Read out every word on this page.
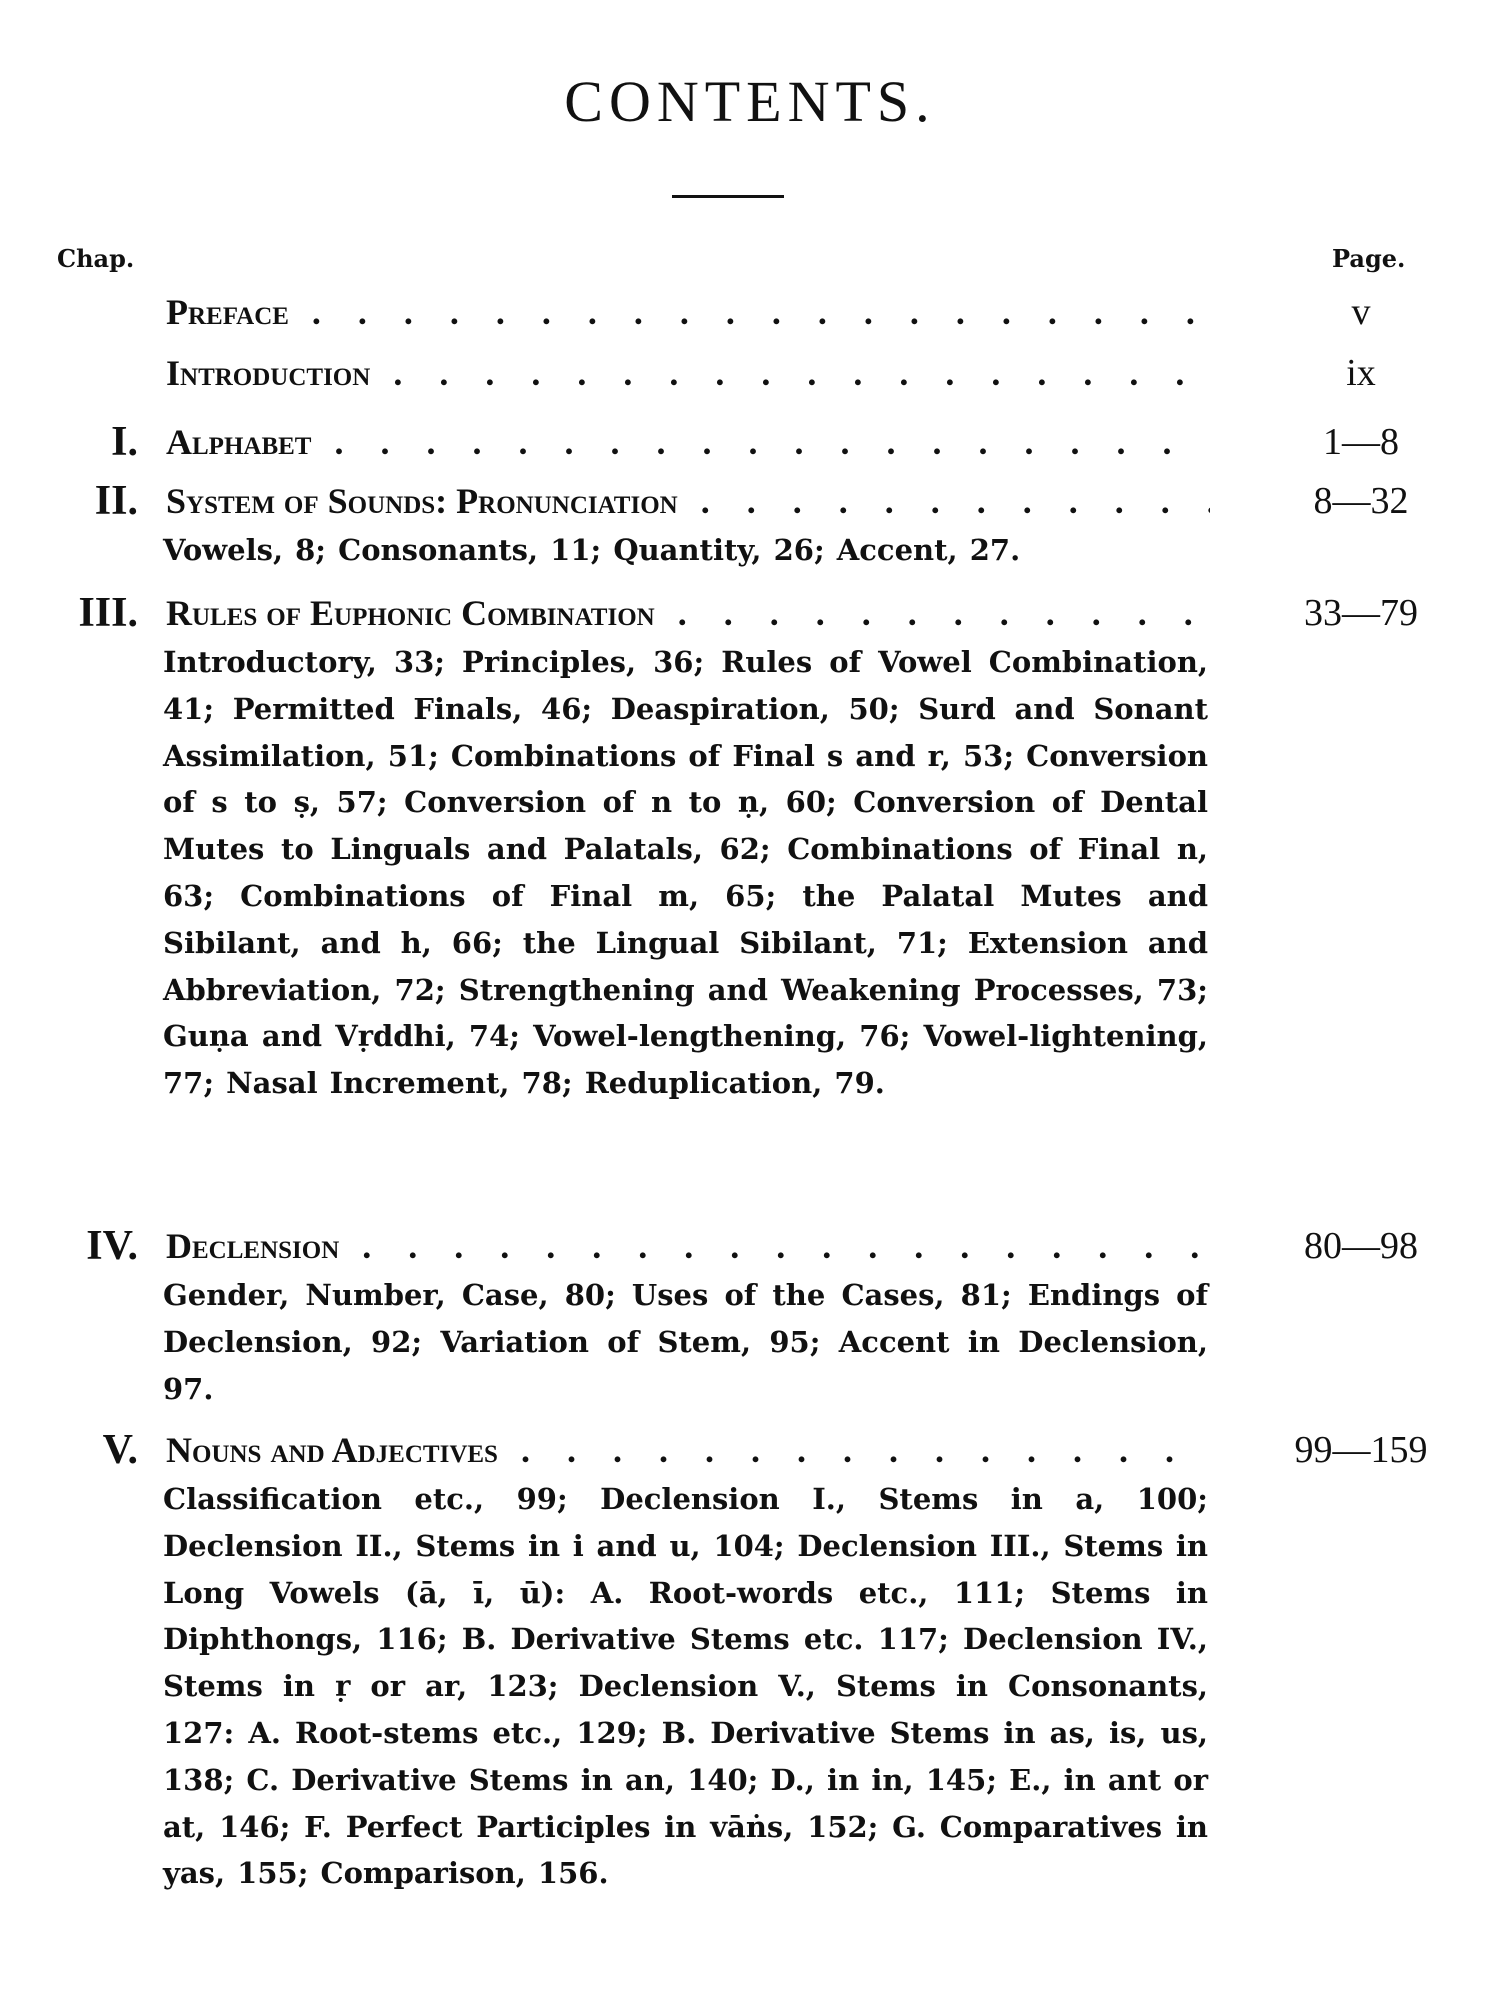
CONTENTS.
Chap.	Page.
Preface . . .	v
Introduction . . .	ix
I. Alphabet . . .	1—8
II. System of Sounds: Pronunciation . . .	8—32
Vowels, 8; Consonants, 11; Quantity, 26; Accent, 27.
III. Rules of Euphonic Combination . . .	33—79
Introductory, 33; Principles, 36; Rules of Vowel Combination, 41; Permitted Finals, 46; Deaspiration, 50; Surd and Sonant Assimilation, 51; Combinations of Final s and r, 53; Conversion of s to ṣ, 57; Conversion of n to ṇ, 60; Conversion of Dental Mutes to Linguals and Palatals, 62; Combinations of Final n, 63; Combinations of Final m, 65; the Palatal Mutes and Sibilant, and h, 66; the Lingual Sibilant, 71; Extension and Abbreviation, 72; Strengthening and Weakening Processes, 73; Guṇa and Vṛddhi, 74; Vowel-lengthening, 76; Vowel-lightening, 77; Nasal Increment, 78; Reduplication, 79.
IV. Declension . . .	80—98
Gender, Number, Case, 80; Uses of the Cases, 81; Endings of Declension, 92; Variation of Stem, 95; Accent in Declension, 97.
V. Nouns and Adjectives . . .	99—159
Classification etc., 99; Declension I., Stems in a, 100; Declension II., Stems in i and u, 104; Declension III., Stems in Long Vowels (ā, ī, ū): A. Root-words etc., 111; Stems in Diphthongs, 116; B. Derivative Stems etc. 117; Declension IV., Stems in ṛ or ar, 123; Declension V., Stems in Consonants, 127: A. Root-stems etc., 129; B. Derivative Stems in as, is, us, 138; C. Derivative Stems in an, 140; D., in in, 145; E., in ant or at, 146; F. Perfect Participles in vāṅs, 152; G. Comparatives in yas, 155; Comparison, 156.
